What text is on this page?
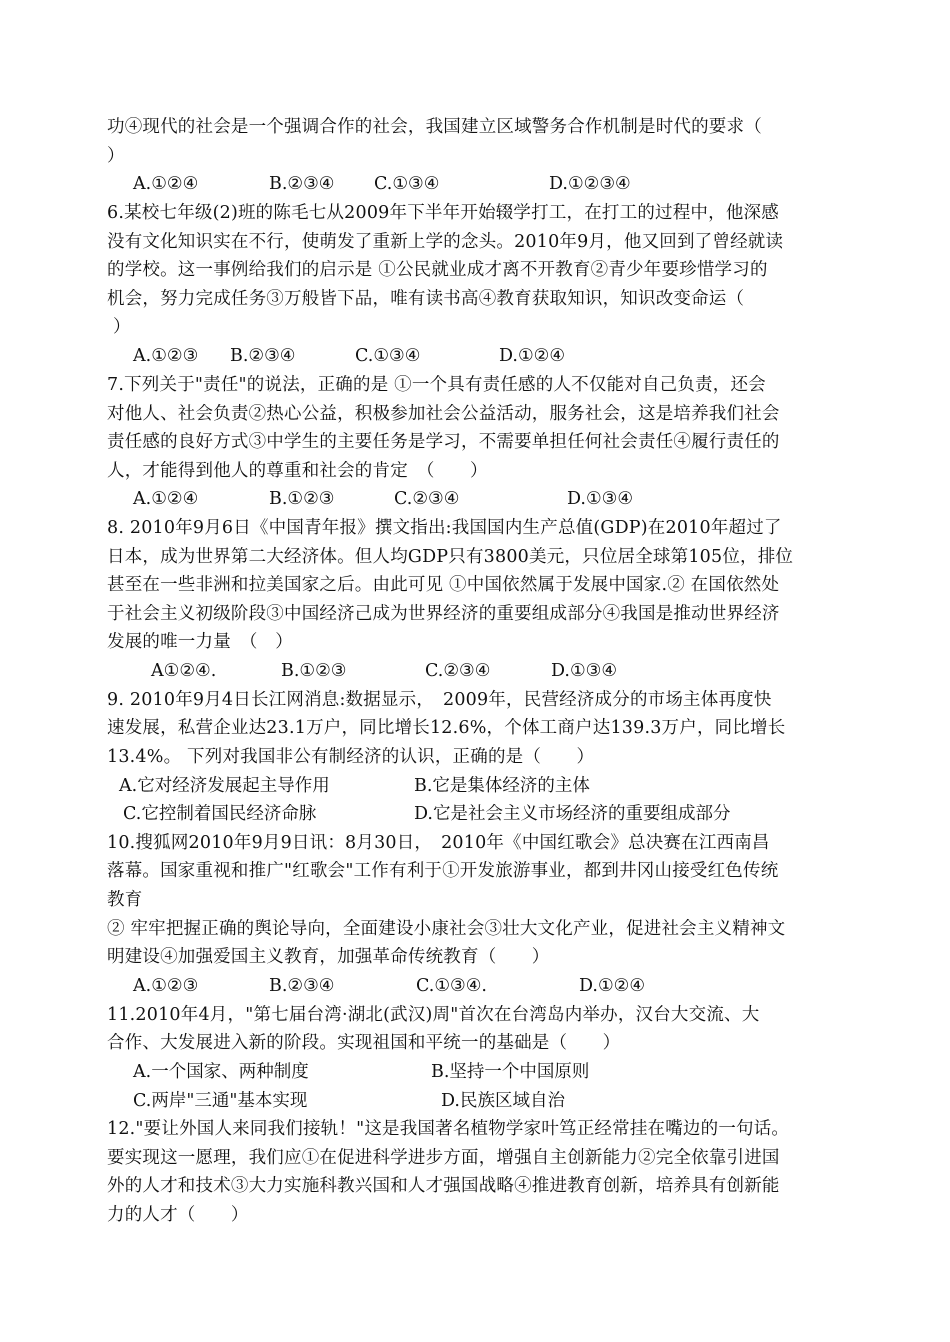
功④现代的社会是一个强调合作的社会，我国建立区域警务合作机制是时代的要求（
）
A.①②④	B.②③④ C.①③④	D.①②③④
6.某校七年级(2)班的陈毛七从2009年下半年开始辍学打工，在打工的过程中，他深感
没有文化知识实在不行，使萌发了重新上学的念头。2010年9月，他又回到了曾经就读
的学校。这一事例给我们的启示是 ①公民就业成才离不开教育②青少年要珍惜学习的
机会，努力完成任务③万般皆下品，唯有读书高④教育获取知识，知识改变命运（
）
A.①②③ B.②③④	C.①③④	D.①②④
7.下列关于"责任"的说法，正确的是 ①一个具有责任感的人不仅能对自己负责，还会
对他人、社会负责②热心公益，积极参加社会公益活动，服务社会，这是培养我们社会
责任感的良好方式③中学生的主要任务是学习，不需要单担任何社会责任④履行责任的
人，才能得到他人的尊重和社会的肯定　（　　）
A.①②④	B.①②③	C.②③④	D.①③④
8. 2010年9月6日《中国青年报》撰文指出:我国国内生产总值(GDP)在2010年超过了
日本，成为世界第二大经济体。但人均GDP只有3800美元，只位居全球第105位，排位
甚至在一些非洲和拉美国家之后。由此可见 ①中国依然属于发展中国家.② 在国依然处
于社会主义初级阶段③中国经济己成为世界经济的重要组成部分④我国是推动世界经济
发展的唯一力量　（　）
A①②④.	B.①②③	C.②③④	D.①③④
9. 2010年9月4日长江网消息:数据显示，　2009年，民营经济成分的市场主体再度快
速发展，私营企业达23.1万户，同比增长12.6%，个体工商户达139.3万户，同比增长
13.4%。 下列对我国非公有制经济的认识，正确的是（　　）
A.它对经济发展起主导作用	B.它是集体经济的主体
C.它控制着国民经济命脉	D.它是社会主义市场经济的重要组成部分
10.搜狐网2010年9月9日讯：8月30日，　2010年《中国红歌会》总决赛在江西南昌
落幕。国家重视和推广"红歌会"工作有利于①开发旅游事业，都到井冈山接受红色传统
教育
② 牢牢把握正确的舆论导向，全面建设小康社会③壮大文化产业，促进社会主义精神文
明建设④加强爱国主义教育，加强革命传统教育（　　）
A.①②③	B.②③④	C.①③④.	D.①②④
11.2010年4月，"第七届台湾·湖北(武汉)周"首次在台湾岛内举办，汉台大交流、大
合作、大发展进入新的阶段。实现祖国和平统一的基础是（　　）
A.一个国家、两种制度	B.坚持一个中国原则
C.两岸"三通"基本实现	D.民族区域自治
12."要让外国人来同我们接轨！"这是我国著名植物学家叶笃正经常挂在嘴边的一句话。
要实现这一愿理，我们应①在促进科学进步方面，增强自主创新能力②完全依靠引进国
外的人才和技术③大力实施科教兴国和人才强国战略④推进教育创新，培养具有创新能
力的人才（　　）
